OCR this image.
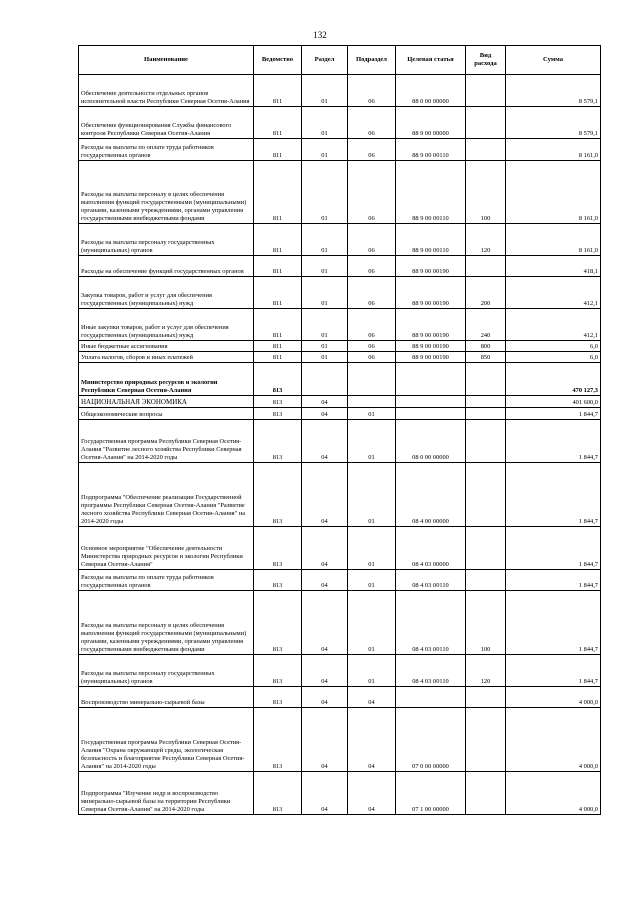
132
Наименование	Ведомство	Раздел	Подраздел	Целевая статья	Вид расхода	Сумма
Обеспечение деятельности отдельных органов исполнительной власти Республики Северная Осетия-Алания	811	01	06	88 0 00 00000		8 579,1
Обеспечение функционирования Службы финансового контроля Республики Северная Осетия-Алания	811	01	06	88 9 00 00000		8 579,1
Расходы на выплаты по оплате труда работников государственных органов	811	01	06	88 9 00 00110		8 161,0
Расходы на выплаты персоналу в целях обеспечения выполнения функций государственными (муниципальными) органами, казенными учреждениями, органами управления государственными внебюджетными фондами	811	01	06	88 9 00 00110	100	8 161,0
Расходы на выплаты персоналу государственных (муниципальных) органов	811	01	06	88 9 00 00110	120	8 161,0
Расходы на обеспечение функций государственных органов	811	01	06	88 9 00 00190		418,1
Закупка товаров, работ и услуг для обеспечения государственных (муниципальных) нужд	811	01	06	88 9 00 00190	200	412,1
Иные закупки товаров, работ и услуг для обеспечения государственных (муниципальных) нужд	811	01	06	88 9 00 00190	240	412,1
Иные бюджетные ассигнования	811	01	06	88 9 00 00190	800	6,0
Уплата налогов, сборов и иных платежей	811	01	06	88 9 00 00190	850	6,0
Министерство природных ресурсов и экологии Республики Северная Осетия-Алания	813					470 127,3
НАЦИОНАЛЬНАЯ ЭКОНОМИКА	813	04				401 600,0
Общеэкономические вопросы	813	04	01			1 844,7
Государственная программа Республики Северная Осетия-Алания "Развитие лесного хозяйства Республики Северная Осетия-Алания" на 2014-2020 годы	813	04	01	08 0 00 00000		1 844,7
Подпрограмма "Обеспечение реализации Государственной программы Республики Северная Осетия-Алания "Развитие лесного хозяйства Республики Северная Осетия-Алания" на 2014-2020 годы	813	04	01	08 4 00 00000		1 844,7
Основное мероприятие "Обеспечение деятельности Министерства природных ресурсов и экологии Республики Северная Осетия-Алания"	813	04	01	08 4 03 00000		1 844,7
Расходы на выплаты по оплате труда работников государственных органов	813	04	01	08 4 03 00110		1 844,7
Расходы на выплаты персоналу в целях обеспечения выполнения функций государственными (муниципальными) органами, казенными учреждениями, органами управления государственными внебюджетными фондами	813	04	01	08 4 03 00110	100	1 844,7
Расходы на выплаты персоналу государственных (муниципальных) органов	813	04	01	08 4 03 00110	120	1 844,7
Воспроизводство минерально-сырьевой базы	813	04	04			4 000,0
Государственная программа Республики Северная Осетия-Алания "Охрана окружающей среды, экологическая безопасность и благоприятие Республики Северная Осетия-Алания" на 2014-2020 годы	813	04	04	07 0 00 00000		4 000,0
Подпрограмма "Изучение недр и воспроизводство минерально-сырьевой базы на территории Республики Северная Осетия-Алания" на 2014-2020 годы	813	04	04	07 1 00 00000		4 000,0
